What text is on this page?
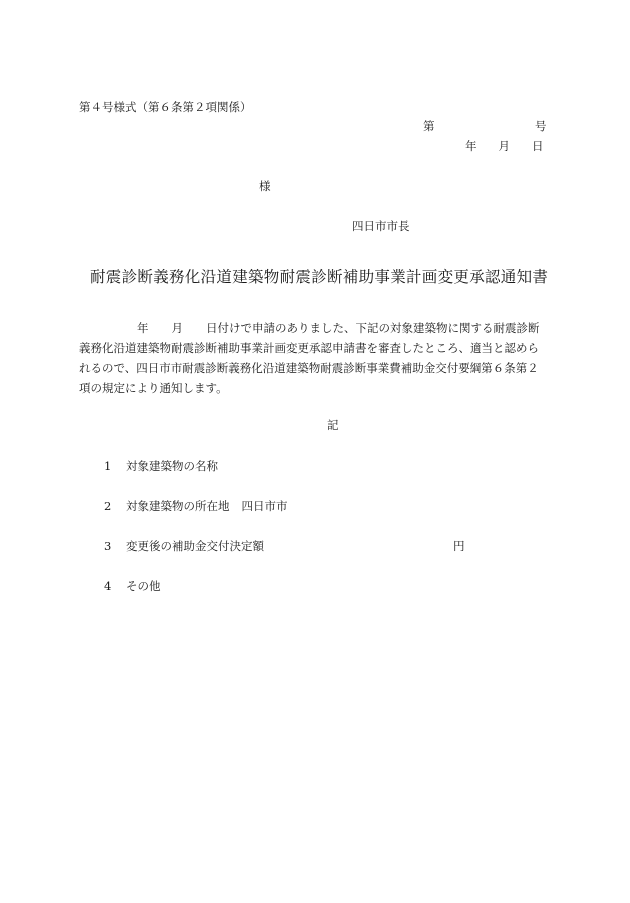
第４号様式（第６条第２項関係）
第	号
年 月 日
様
四日市市長
耐震診断義務化沿道建築物耐震診断補助事業計画変更承認通知書

年 月 日付けで申請のありました、下記の対象建築物に関する耐震診断

義務化沿道建築物耐震診断補助事業計画変更承認申請書を審査したところ、適当と認めら

れるので、四日市市耐震診断義務化沿道建築物耐震診断事業費補助金交付要綱第６条第２

項の規定により通知します。

記
1 対象建築物の名称
2 対象建築物の所在地 四日市市
3 変更後の補助金交付決定額
4 その他
円
